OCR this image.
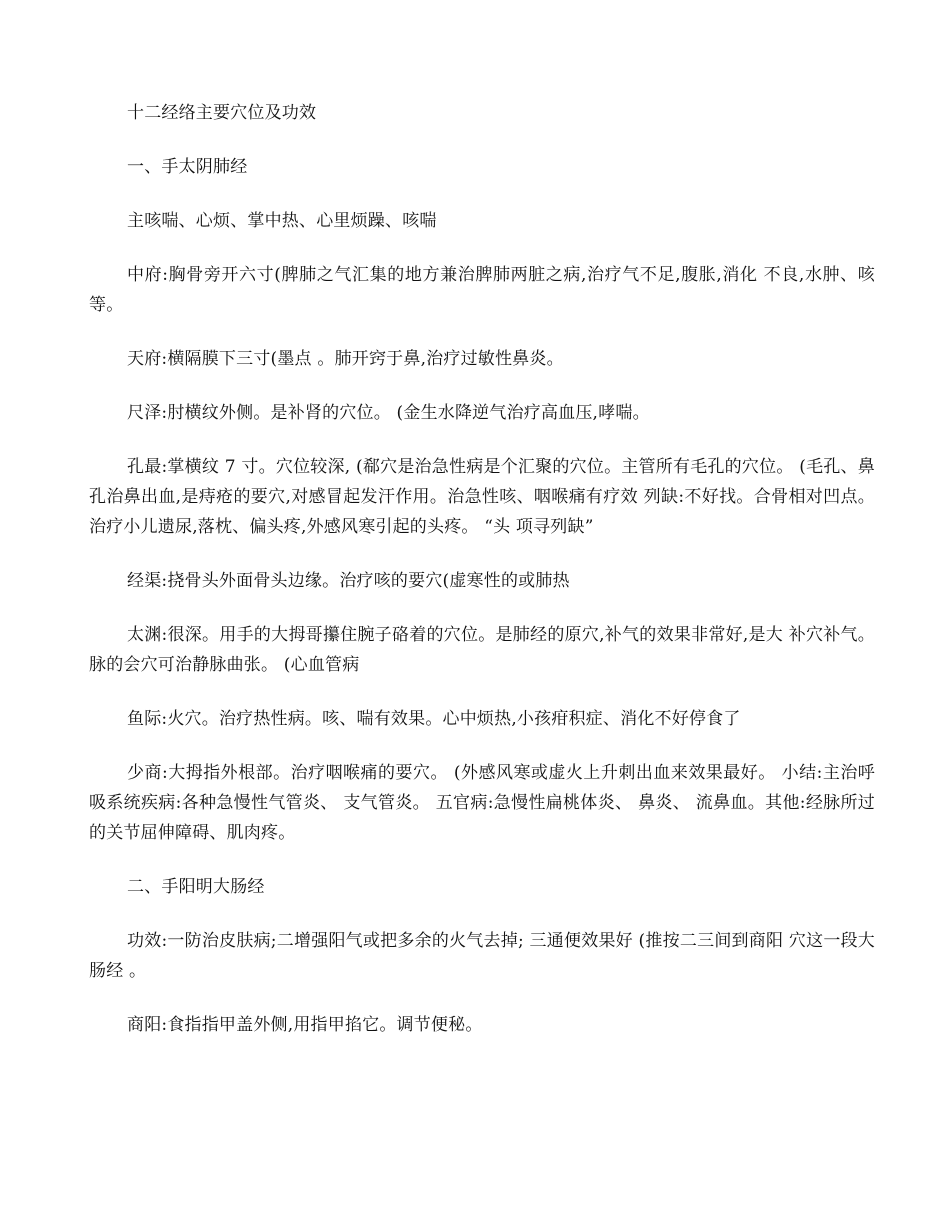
十二经络主要穴位及功效

一、手太阴肺经

主咳喘、心烦、掌中热、心里烦躁、咳喘

中府:胸骨旁开六寸(脾肺之气汇集的地方兼治脾肺两脏之病,治疗气不足,腹胀,消化 不良,水肿、咳等。

天府:横隔膜下三寸(墨点 。肺开窍于鼻,治疗过敏性鼻炎。

尺泽:肘横纹外侧。是补肾的穴位。 (金生水降逆气治疗高血压,哮喘。

孔最:掌横纹 7 寸。穴位较深, (郗穴是治急性病是个汇聚的穴位。主管所有毛孔的穴位。 (毛孔、鼻孔治鼻出血,是痔疮的要穴,对感冒起发汗作用。治急性咳、咽喉痛有疗效 列缺:不好找。合骨相对凹点。治疗小儿遗尿,落枕、偏头疼,外感风寒引起的头疼。 “头 项寻列缺”

经渠:挠骨头外面骨头边缘。治疗咳的要穴(虚寒性的或肺热

太渊:很深。用手的大拇哥攥住腕子硌着的穴位。是肺经的原穴,补气的效果非常好,是大 补穴补气。脉的会穴可治静脉曲张。 (心血管病

鱼际:火穴。治疗热性病。咳、喘有效果。心中烦热,小孩疳积症、消化不好停食了

少商:大拇指外根部。治疗咽喉痛的要穴。 (外感风寒或虚火上升刺出血来效果最好。 小结:主治呼吸系统疾病:各种急慢性气管炎、 支气管炎。 五官病:急慢性扁桃体炎、 鼻炎、 流鼻血。其他:经脉所过的关节屈伸障碍、肌肉疼。

二、手阳明大肠经

功效:一防治皮肤病;二增强阳气或把多余的火气去掉; 三通便效果好 (推按二三间到商阳 穴这一段大肠经 。

商阳:食指指甲盖外侧,用指甲掐它。调节便秘。
